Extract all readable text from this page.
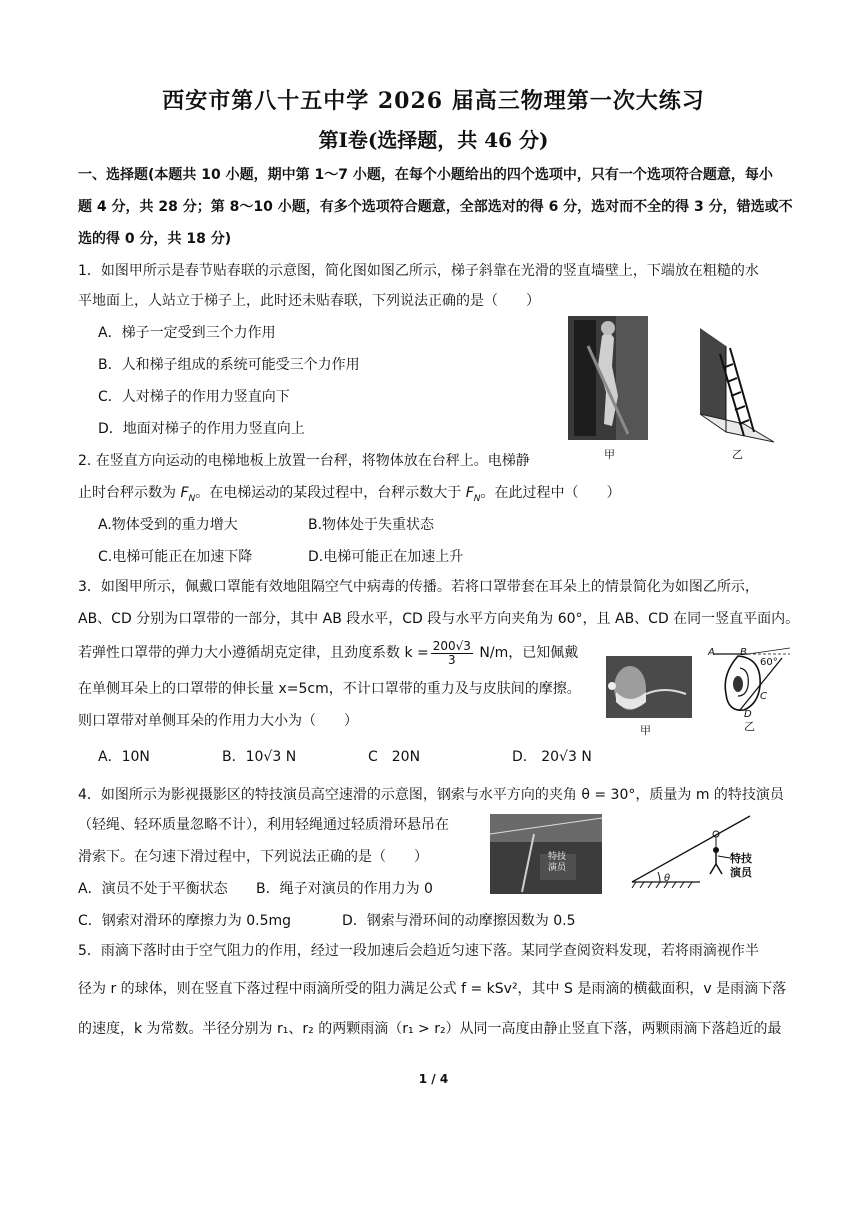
西安市第八十五中学 2026 届高三物理第一次大练习
第Ⅰ卷(选择题，共 46 分)
一、选择题(本题共 10 小题，期中第 1～7 小题，在每个小题给出的四个选项中，只有一个选项符合题意，每小
题 4 分，共 28 分；第 8～10 小题，有多个选项符合题意，全部选对的得 6 分，选对而不全的得 3 分，错选或不
选的得 0 分，共 18 分)
1．如图甲所示是春节贴春联的示意图，简化图如图乙所示，梯子斜靠在光滑的竖直墙壁上，下端放在粗糙的水
平地面上，人站立于梯子上，此时还未贴春联，下列说法正确的是（　　）
A．梯子一定受到三个力作用
B．人和梯子组成的系统可能受三个力作用
C．人对梯子的作用力竖直向下
D．地面对梯子的作用力竖直向上
甲	乙
2. 在竖直方向运动的电梯地板上放置一台秤，将物体放在台秤上。电梯静
止时台秤示数为 $F_N$。在电梯运动的某段过程中，台秤示数大于 $F_N$。在此过程中（　　）
A.物体受到的重力增大	B.物体处于失重状态
C.电梯可能正在加速下降	D.电梯可能正在加速上升
3．如图甲所示，佩戴口罩能有效地阻隔空气中病毒的传播。若将口罩带套在耳朵上的情景简化为如图乙所示，
AB、CD 分别为口罩带的一部分，其中 AB 段水平，CD 段与水平方向夹角为 60°，且 AB、CD 在同一竖直平面内。
若弹性口罩带的弹力大小遵循胡克定律，且劲度系数 $k = \frac{200√3}{3} N/m$，已知佩戴
在单侧耳朵上的口罩带的伸长量 x=5cm，不计口罩带的重力及与皮肤间的摩擦。
则口罩带对单侧耳朵的作用力大小为（　　）
A．10N	B．10√3 N	C　20N	D.　20√3 N
甲
A	B
60°
C
D
乙
4．如图所示为影视摄影区的特技演员高空速滑的示意图，钢索与水平方向的夹角 θ = 30°，质量为 m 的特技演员
（轻绳、轻环质量忽略不计），利用轻绳通过轻质滑环悬吊在
滑索下。在匀速下滑过程中，下列说法正确的是（　　）
A．演员不处于平衡状态 B．绳子对演员的作用力为 0
C．钢索对滑环的摩擦力为 0.5mg	D．钢索与滑环间的动摩擦因数为 0.5
特技
演员
θ
特技
演员
5．雨滴下落时由于空气阻力的作用，经过一段加速后会趋近匀速下落。某同学查阅资料发现，若将雨滴视作半
径为 r 的球体，则在竖直下落过程中雨滴所受的阻力满足公式 f = kSv²，其中 S 是雨滴的横截面积，v 是雨滴下落
的速度，k 为常数。半径分别为 r₁、r₂ 的两颗雨滴（r₁ > r₂）从同一高度由静止竖直下落，两颗雨滴下落趋近的最
1 / 4
